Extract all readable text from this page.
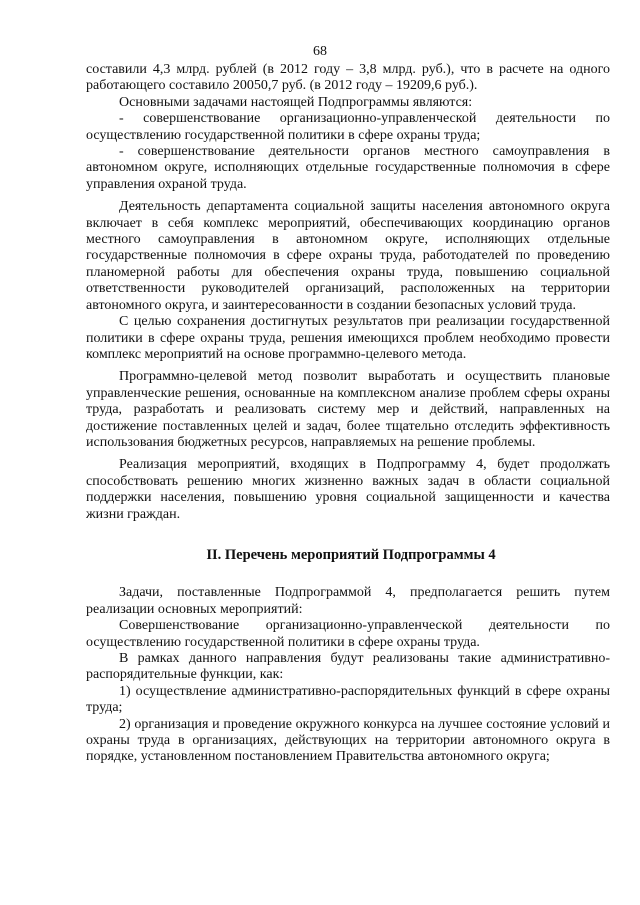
68

составили 4,3 млрд. рублей (в 2012 году – 3,8 млрд. руб.), что в расчете на одного работающего составило 20050,7 руб. (в 2012 году – 19209,6 руб.).

Основными задачами настоящей Подпрограммы являются:

- совершенствование организационно-управленческой деятельности по осуществлению государственной политики в сфере охраны труда;

- совершенствование деятельности органов местного самоуправления в автономном округе, исполняющих отдельные государственные полномочия в сфере управления охраной труда.

Деятельность департамента социальной защиты населения автономного округа включает в себя комплекс мероприятий, обеспечивающих координацию органов местного самоуправления в автономном округе, исполняющих отдельные государственные полномочия в сфере охраны труда, работодателей по проведению планомерной работы для обеспечения охраны труда, повышению социальной ответственности руководителей организаций, расположенных на территории автономного округа, и заинтересованности в создании безопасных условий труда.

С целью сохранения достигнутых результатов при реализации государственной политики в сфере охраны труда, решения имеющихся проблем необходимо провести комплекс мероприятий на основе программно-целевого метода.

Программно-целевой метод позволит выработать и осуществить плановые управленческие решения, основанные на комплексном анализе проблем сферы охраны труда, разработать и реализовать систему мер и действий, направленных на достижение поставленных целей и задач, более тщательно отследить эффективность использования бюджетных ресурсов, направляемых на решение проблемы.

Реализация мероприятий, входящих в Подпрограмму 4, будет продолжать способствовать решению многих жизненно важных задач в области социальной поддержки населения, повышению уровня социальной защищенности и качества жизни граждан.

II. Перечень мероприятий Подпрограммы 4

Задачи, поставленные Подпрограммой 4, предполагается решить путем реализации основных мероприятий:

Совершенствование организационно-управленческой деятельности по осуществлению государственной политики в сфере охраны труда.

В рамках данного направления будут реализованы такие административно-распорядительные функции, как:

1) осуществление административно-распорядительных функций в сфере охраны труда;

2) организация и проведение окружного конкурса на лучшее состояние условий и охраны труда в организациях, действующих на территории автономного округа в порядке, установленном постановлением Правительства автономного округа;
